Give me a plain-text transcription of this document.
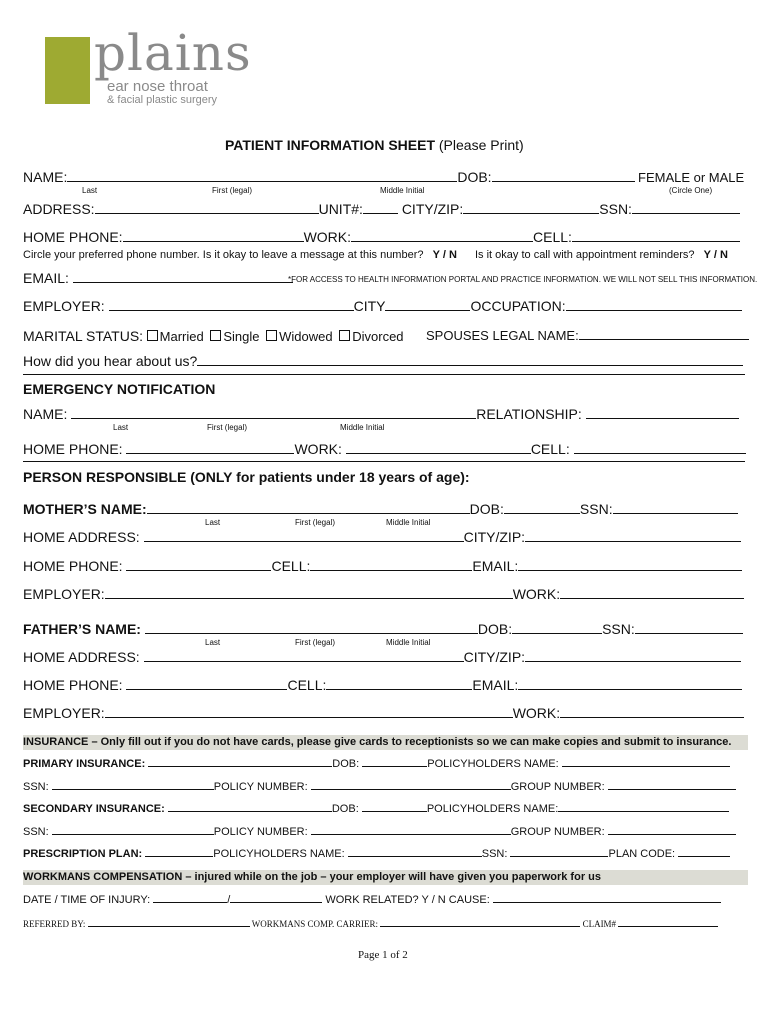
plains
ear nose throat
& facial plastic surgery
PATIENT INFORMATION SHEET (Please Print)
NAME:	DOB:	FEMALE or MALE
Last	First (legal)	Middle Initial	(Circle One)
ADDRESS:	UNIT#:	CITY/ZIP:	SSN:
HOME PHONE:	WORK:	CELL:
Circle your preferred phone number. Is it okay to leave a message at this number? Y / N Is it okay to call with appointment reminders? Y / N
EMAIL:	*FOR ACCESS TO HEALTH INFORMATION PORTAL AND PRACTICE INFORMATION. WE WILL NOT SELL THIS INFORMATION.
EMPLOYER:	CITY	OCCUPATION:
MARITAL STATUS: Married Single Widowed Divorced SPOUSES LEGAL NAME:
How did you hear about us?
EMERGENCY NOTIFICATION
NAME:	RELATIONSHIP:
Last	First (legal)	Middle Initial
HOME PHONE:	WORK:	CELL:
PERSON RESPONSIBLE (ONLY for patients under 18 years of age):
MOTHER’S NAME:	DOB:	SSN:
Last	First (legal)	Middle Initial
HOME ADDRESS:	CITY/ZIP:
HOME PHONE:	CELL:	EMAIL:
EMPLOYER:	WORK:
FATHER’S NAME:	DOB:	SSN:
Last	First (legal)	Middle Initial
HOME ADDRESS:	CITY/ZIP:
HOME PHONE:	CELL:	EMAIL:
EMPLOYER:	WORK:
INSURANCE – Only fill out if you do not have cards, please give cards to receptionists so we can make copies and submit to insurance.
PRIMARY INSURANCE:	DOB:	POLICYHOLDERS NAME:
SSN:	POLICY NUMBER:	GROUP NUMBER:
SECONDARY INSURANCE:	DOB:	POLICYHOLDERS NAME:
SSN:	POLICY NUMBER:	GROUP NUMBER:
PRESCRIPTION PLAN:	POLICYHOLDERS NAME:	SSN:	PLAN CODE:
WORKMANS COMPENSATION – injured while on the job – your employer will have given you paperwork for us
DATE / TIME OF INJURY:	/	WORK RELATED? Y / N CAUSE:
REFERRED BY:	WORKMANS COMP. CARRIER:	CLAIM#
Page 1 of 2
